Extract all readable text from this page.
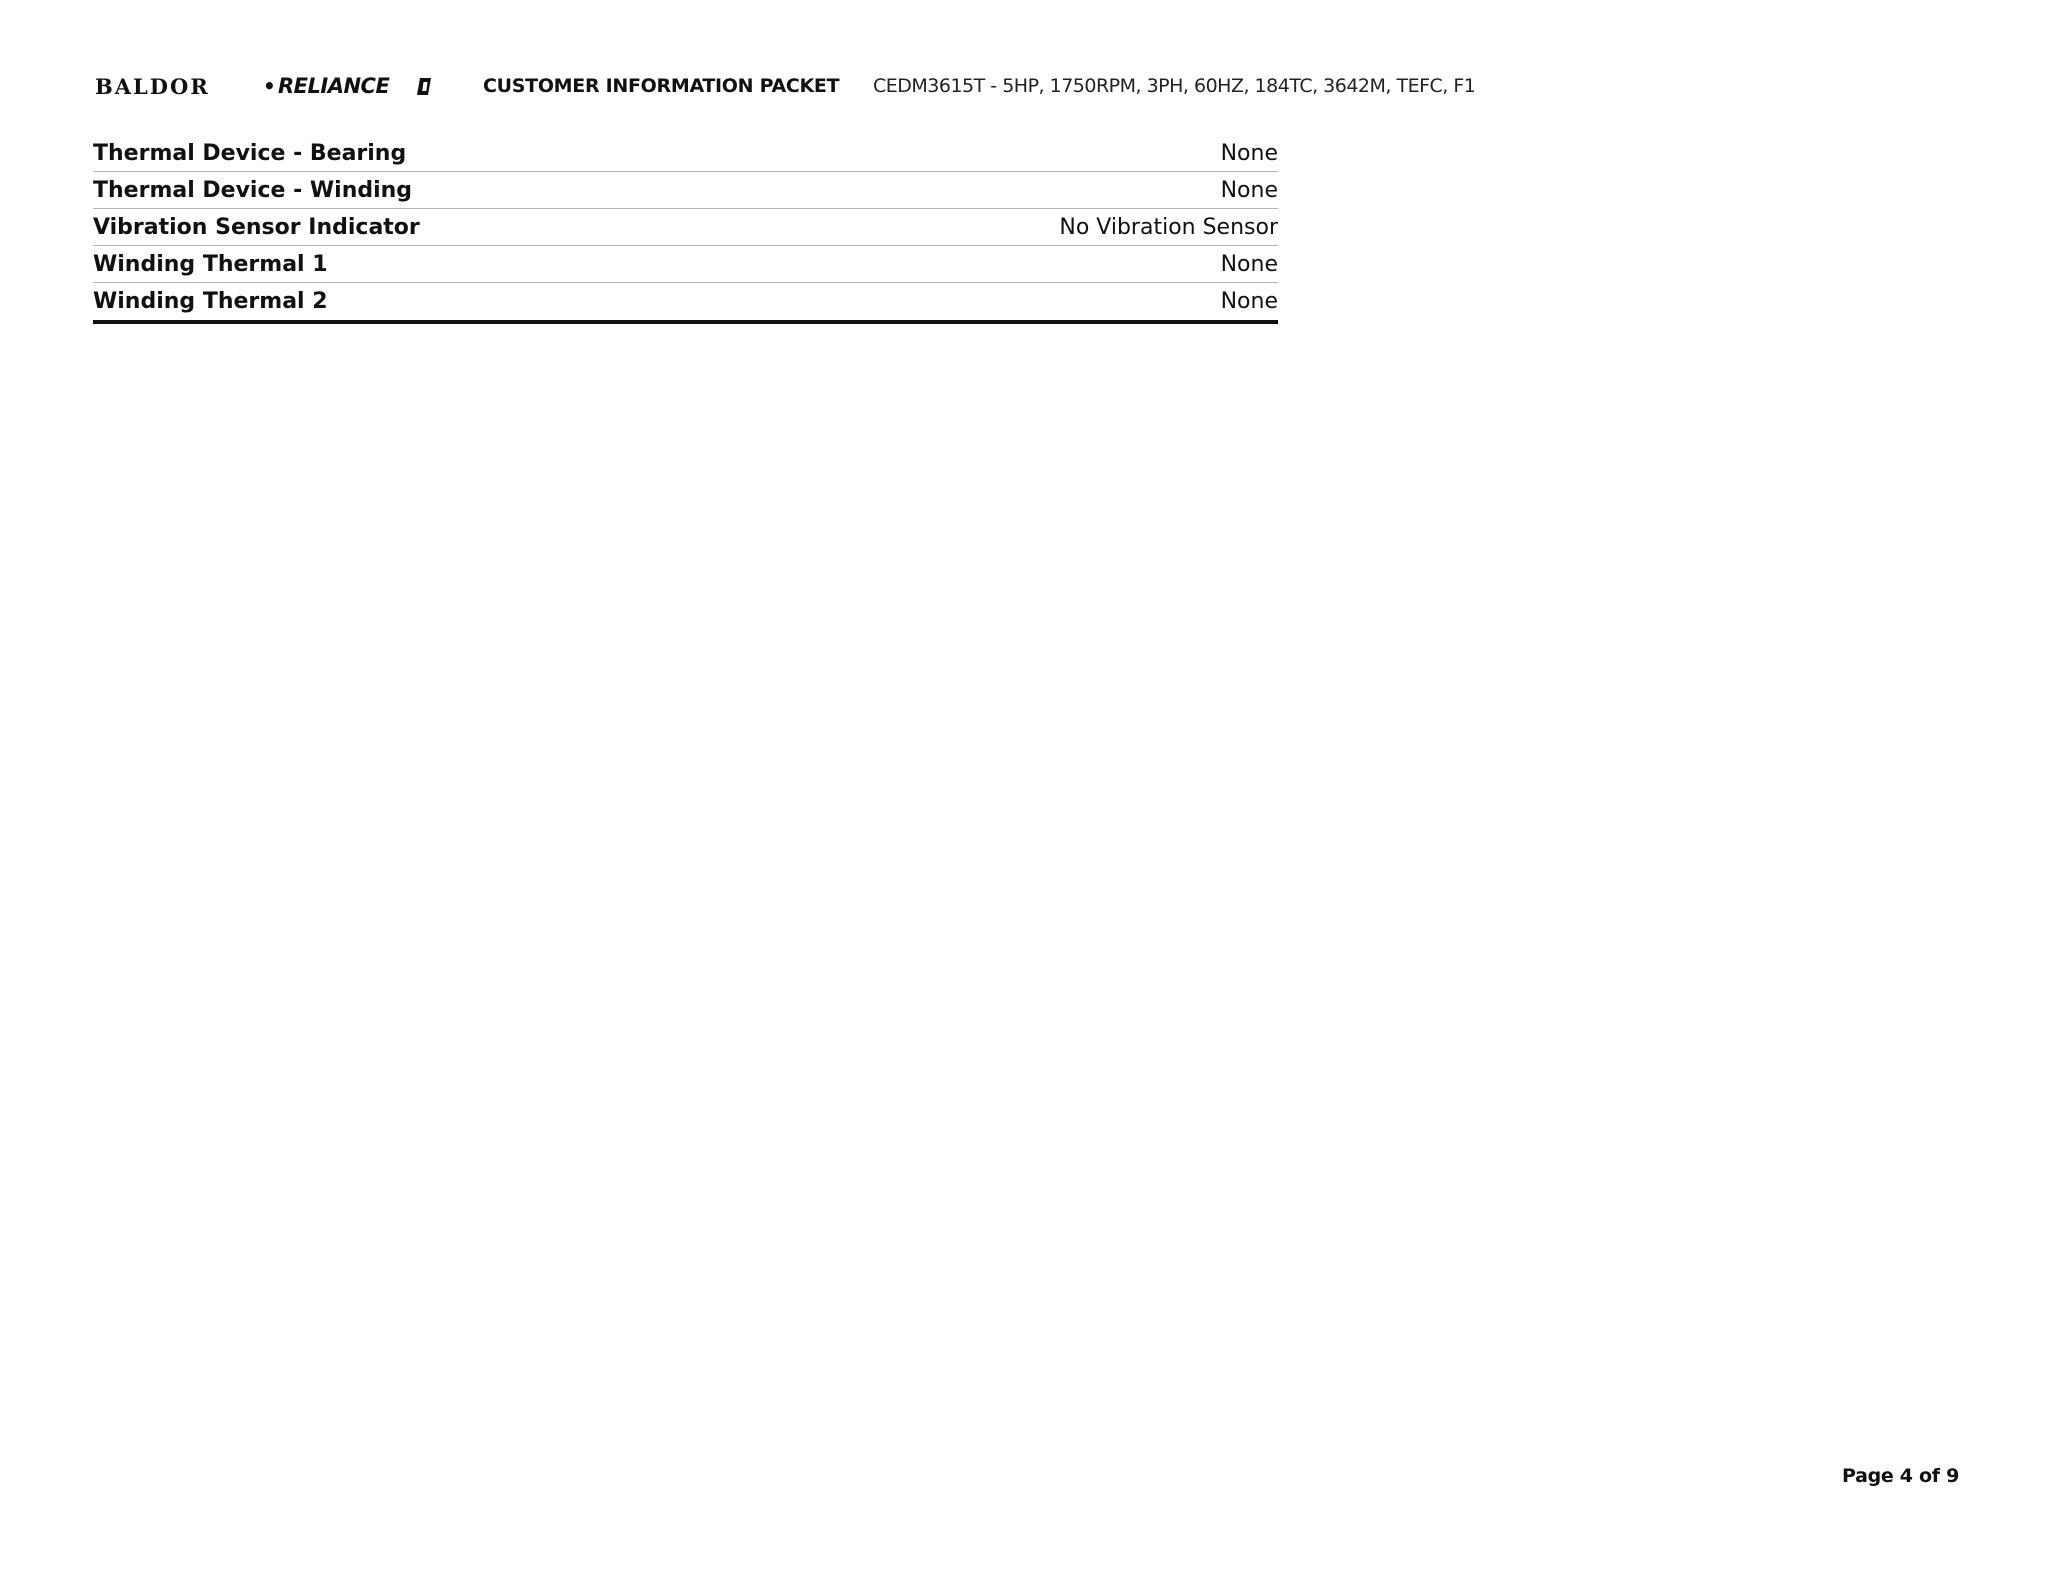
BALDOR	• RELIANCE	CUSTOMER INFORMATION PACKET CEDM3615T - 5HP, 1750RPM, 3PH, 60HZ, 184TC, 3642M, TEFC, F1
Thermal Device - Bearing	None
Thermal Device - Winding	None
Vibration Sensor Indicator	No Vibration Sensor
Winding Thermal 1	None
Winding Thermal 2	None
Page 4 of 9
